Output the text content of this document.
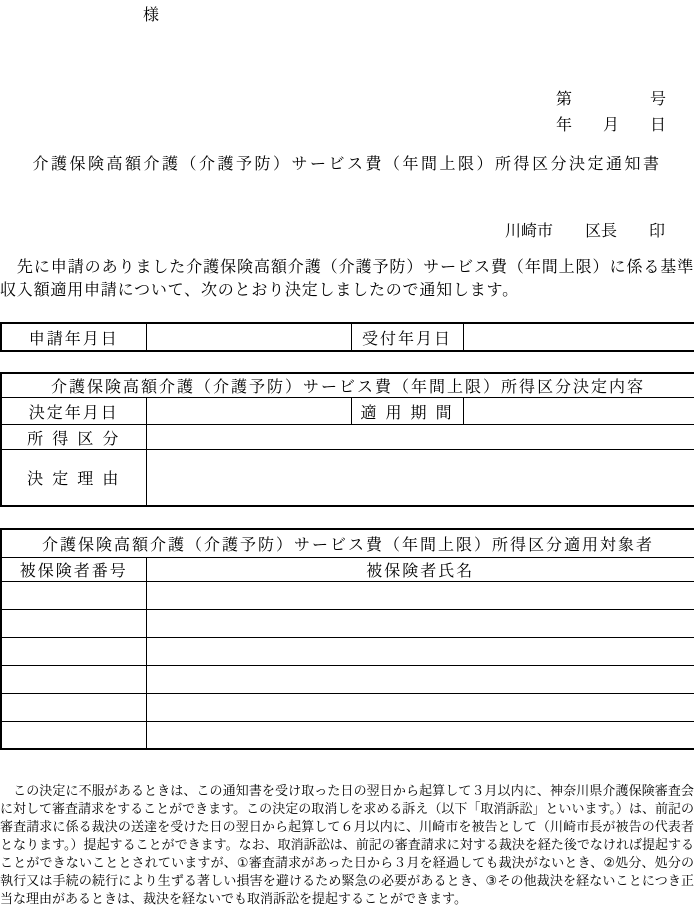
様
第	号
年 月 日
介護保険高額介護（介護予防）サービス費（年間上限）所得区分決定通知書
川崎市 区長 印

　先に申請のありました介護保険高額介護（介護予防）サービス費（年間上限）に係る基準収入額適用申請について、次のとおり決定しましたので通知します。

申請年月日		受付年月日	
介護保険高額介護（介護予防）サービス費（年間上限）所得区分決定内容			
決定年月日		適 用 期 間	
所 得 区 分			
決 定 理 由			
介護保険高額介護（介護予防）サービス費（年間上限）所得区分適用対象者	
被保険者番号	被保険者氏名

　この決定に不服があるときは、この通知書を受け取った日の翌日から起算して３月以内に、神奈川県介護保険審査会に対して審査請求をすることができます。この決定の取消しを求める訴え（以下「取消訴訟」といいます。）は、前記の審査請求に係る裁決の送達を受けた日の翌日から起算して６月以内に、川崎市を被告として（川崎市長が被告の代表者となります。）提起することができます。なお、取消訴訟は、前記の審査請求に対する裁決を経た後でなければ提起することができないこととされていますが、①審査請求があった日から３月を経過しても裁決がないとき、②処分、処分の執行又は手続の続行により生ずる著しい損害を避けるため緊急の必要があるとき、③その他裁決を経ないことにつき正当な理由があるときは、裁決を経ないでも取消訴訟を提起することができます。
